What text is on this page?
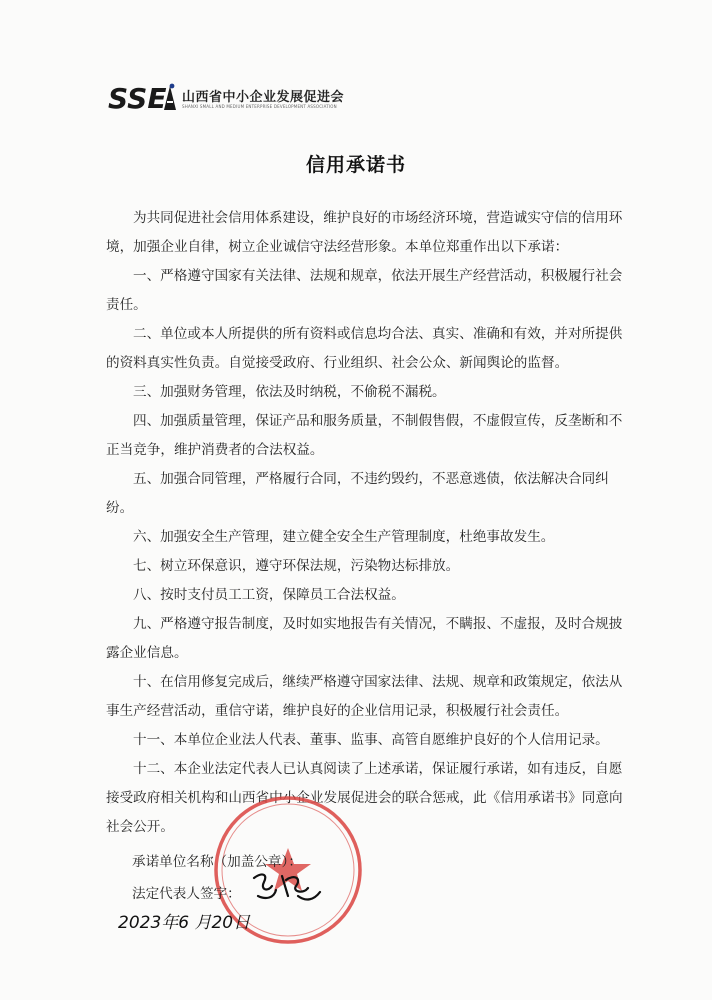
SSE 山西省中小企业发展促进会
SHANXI SMALL AND MEDIUM ENTERPRISE DEVELOPMENT ASSOCIATION
信用承诺书

为共同促进社会信用体系建设，维护良好的市场经济环境，营造诚实守信的信用环境，加强企业自律，树立企业诚信守法经营形象。本单位郑重作出以下承诺：

一、严格遵守国家有关法律、法规和规章，依法开展生产经营活动，积极履行社会责任。

二、单位或本人所提供的所有资料或信息均合法、真实、准确和有效，并对所提供的资料真实性负责。自觉接受政府、行业组织、社会公众、新闻舆论的监督。

三、加强财务管理，依法及时纳税，不偷税不漏税。

四、加强质量管理，保证产品和服务质量，不制假售假，不虚假宣传，反垄断和不正当竞争，维护消费者的合法权益。

五、加强合同管理，严格履行合同，不违约毁约，不恶意逃债，依法解决合同纠纷。

六、加强安全生产管理，建立健全安全生产管理制度，杜绝事故发生。

七、树立环保意识，遵守环保法规，污染物达标排放。

八、按时支付员工工资，保障员工合法权益。

九、严格遵守报告制度，及时如实地报告有关情况，不瞒报、不虚报，及时合规披露企业信息。

十、在信用修复完成后，继续严格遵守国家法律、法规、规章和政策规定，依法从事生产经营活动，重信守诺，维护良好的企业信用记录，积极履行社会责任。

十一、本单位企业法人代表、董事、监事、高管自愿维护良好的个人信用记录。

十二、本企业法定代表人已认真阅读了上述承诺，保证履行承诺，如有违反，自愿接受政府相关机构和山西省中小企业发展促进会的联合惩戒，此《信用承诺书》同意向社会公开。

承诺单位名称（加盖公章）：
法定代表人签字：
2023年6 月20日
